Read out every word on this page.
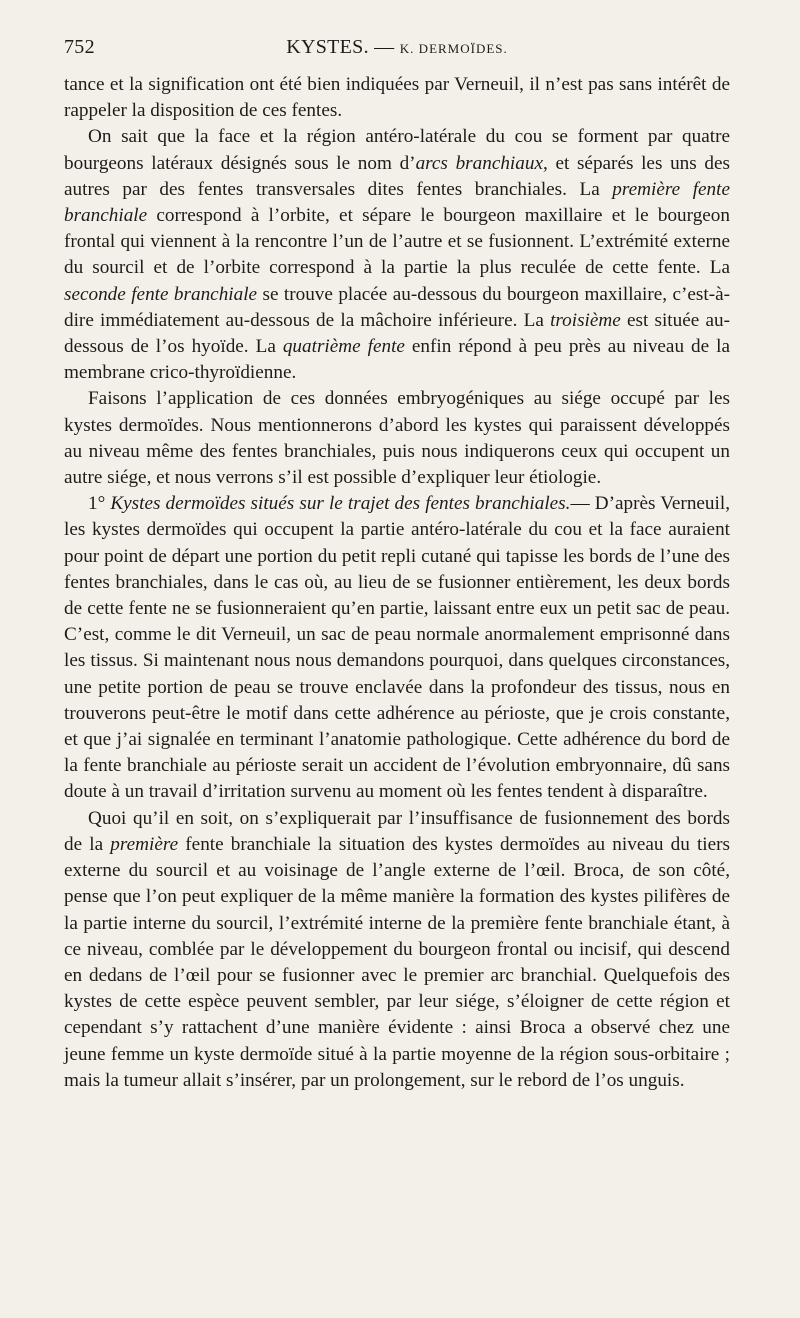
752	KYSTES. — K. DERMOÏDES.

tance et la signification ont été bien indiquées par Verneuil, il n’est pas sans intérêt de rappeler la disposition de ces fentes.

On sait que la face et la région antéro-latérale du cou se forment par quatre bourgeons latéraux désignés sous le nom d’arcs branchiaux, et séparés les uns des autres par des fentes transversales dites fentes branchiales. La première fente branchiale correspond à l’orbite, et sépare le bourgeon maxillaire et le bourgeon frontal qui viennent à la rencontre l’un de l’autre et se fusionnent. L’extrémité externe du sourcil et de l’orbite correspond à la partie la plus reculée de cette fente. La seconde fente branchiale se trouve placée au-dessous du bourgeon maxillaire, c’est-à-dire immédiatement au-dessous de la mâchoire inférieure. La troisième est située au-dessous de l’os hyoïde. La quatrième fente enfin répond à peu près au niveau de la membrane crico-thyroïdienne.

Faisons l’application de ces données embryogéniques au siége occupé par les kystes dermoïdes. Nous mentionnerons d’abord les kystes qui paraissent développés au niveau même des fentes branchiales, puis nous indiquerons ceux qui occupent un autre siége, et nous verrons s’il est possible d’expliquer leur étiologie.

1° Kystes dermoïdes situés sur le trajet des fentes branchiales.— D’après Verneuil, les kystes dermoïdes qui occupent la partie antéro-latérale du cou et la face auraient pour point de départ une portion du petit repli cutané qui tapisse les bords de l’une des fentes branchiales, dans le cas où, au lieu de se fusionner entièrement, les deux bords de cette fente ne se fusionneraient qu’en partie, laissant entre eux un petit sac de peau. C’est, comme le dit Verneuil, un sac de peau normale anormalement emprisonné dans les tissus. Si maintenant nous nous demandons pourquoi, dans quelques circonstances, une petite portion de peau se trouve enclavée dans la profondeur des tissus, nous en trouverons peut-être le motif dans cette adhérence au périoste, que je crois constante, et que j’ai signalée en terminant l’anatomie pathologique. Cette adhérence du bord de la fente branchiale au périoste serait un accident de l’évolution embryonnaire, dû sans doute à un travail d’irritation survenu au moment où les fentes tendent à disparaître.

Quoi qu’il en soit, on s’expliquerait par l’insuffisance de fusionnement des bords de la première fente branchiale la situation des kystes dermoïdes au niveau du tiers externe du sourcil et au voisinage de l’angle externe de l’œil. Broca, de son côté, pense que l’on peut expliquer de la même manière la formation des kystes pilifères de la partie interne du sourcil, l’extrémité interne de la première fente branchiale étant, à ce niveau, comblée par le développement du bourgeon frontal ou incisif, qui descend en dedans de l’œil pour se fusionner avec le premier arc branchial. Quelquefois des kystes de cette espèce peuvent sembler, par leur siége, s’éloigner de cette région et cependant s’y rattachent d’une manière évidente : ainsi Broca a observé chez une jeune femme un kyste dermoïde situé à la partie moyenne de la région sous-orbitaire ; mais la tumeur allait s’insérer, par un prolongement, sur le rebord de l’os unguis.
